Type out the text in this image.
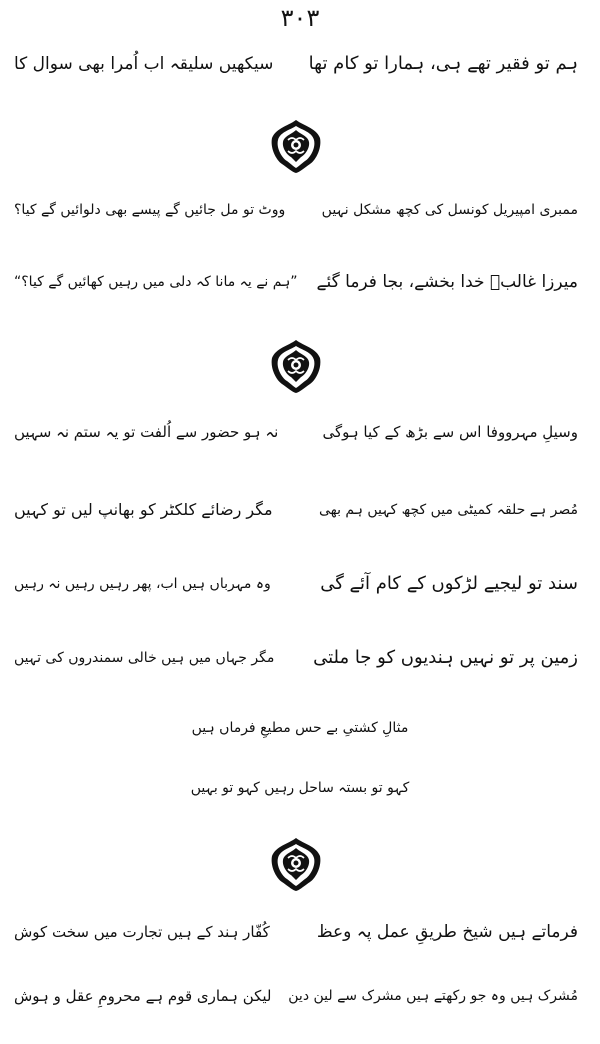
۳۰۳
ہم تو فقیر تھے ہی، ہمارا تو کام تھا
سیکھیں سلیقہ اب اُمرا بھی سوال کا
ممبری امپیریل کونسل کی کچھ مشکل نہیں
ووٹ تو مل جائیں گے پیسے بھی دلوائیں گے کیا؟
میرزا غالبؔ خدا بخشے، بجا فرما گئے
”ہم نے یہ مانا کہ دلی میں رہیں کھائیں گے کیا؟“
وسیلِ مہرووفا اس سے بڑھ کے کیا ہوگی
نہ ہو حضور سے اُلفت تو یہ ستم نہ سہیں
مُصر ہے حلقہ کمیٹی میں کچھ کہیں ہم بھی
مگر رضائے کلکٹر کو بھانپ لیں تو کہیں
سند تو لیجیے لڑکوں کے کام آئے گی
وہ مہرباں ہیں اب، پھر رہیں رہیں نہ رہیں
زمین پر تو نہیں ہندیوں کو جا ملتی
مگر جہاں میں ہیں خالی سمندروں کی تہیں
مثالِ کشتیِ بے حس مطیعِ فرماں ہیں
کہو تو بستہ ساحل رہیں کہو تو بہیں
فرماتے ہیں شیخ طریقِ عمل پہ وعظ
کُفّار ہند کے ہیں تجارت میں سخت کوش
مُشرک ہیں وہ جو رکھتے ہیں مشرک سے لین دین
لیکن ہماری قوم ہے محرومِ عقل و ہوش
